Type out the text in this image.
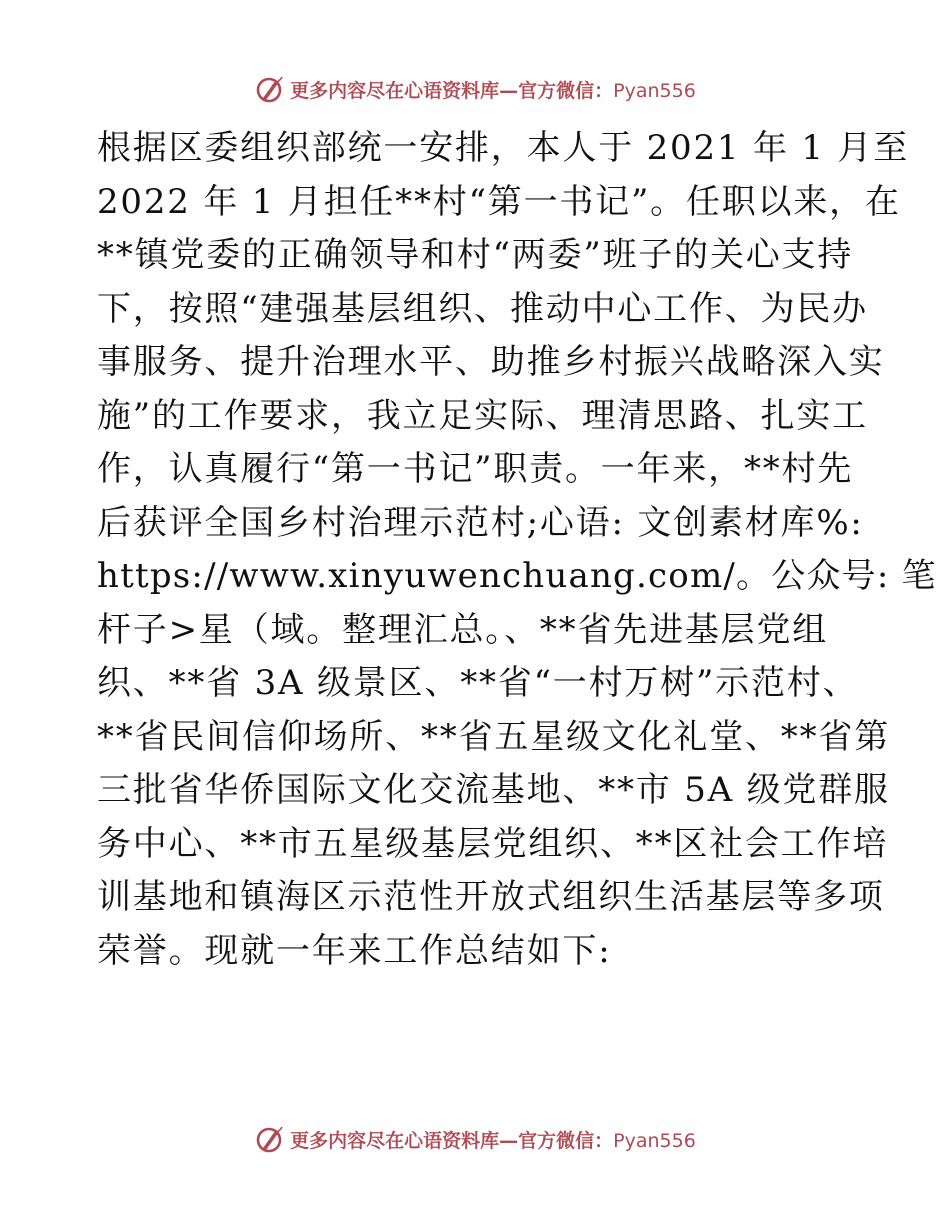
更多内容尽在心语资料库—官方微信：Pyan556
根据区委组织部统一安排，本人于 2021 年 1 月至
2022 年 1 月担任**村“第一书记”。任职以来，在
**镇党委的正确领导和村“两委”班子的关心支持
下，按照“建强基层组织、推动中心工作、为民办
事服务、提升治理水平、助推乡村振兴战略深入实
施”的工作要求，我立足实际、理清思路、扎实工
作，认真履行“第一书记”职责。一年来，**村先
后获评全国乡村治理示范村;心语: 文创素材库%:
https://www.xinyuwenchuang.com/。公众号: 笔
杆子>星（域。整理汇总。、**省先进基层党组
织、**省 3A 级景区、**省“一村万树”示范村、
**省民间信仰场所、**省五星级文化礼堂、**省第
三批省华侨国际文化交流基地、**市 5A 级党群服
务中心、**市五星级基层党组织、**区社会工作培
训基地和镇海区示范性开放式组织生活基层等多项
荣誉。现就一年来工作总结如下:
更多内容尽在心语资料库—官方微信：Pyan556
